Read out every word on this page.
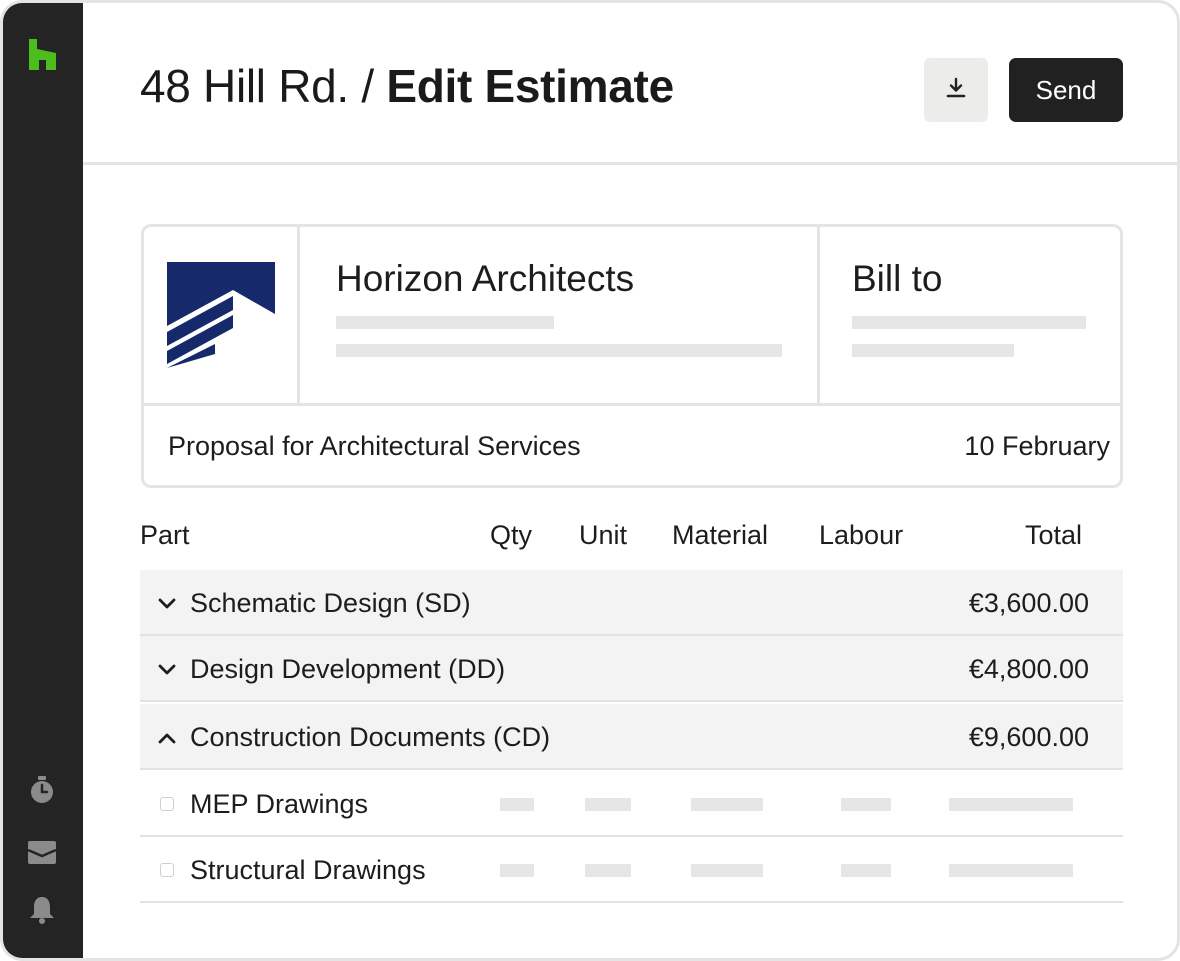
48 Hill Rd. / Edit Estimate	Send
Horizon Architects	Bill to
Proposal for Architectural Services	10 February
Part	Qty Unit Material Labour	Total
Schematic Design (SD)	€3,600.00
Design Development (DD)	€4,800.00
Construction Documents (CD)	€9,600.00
MEP Drawings
Structural Drawings
